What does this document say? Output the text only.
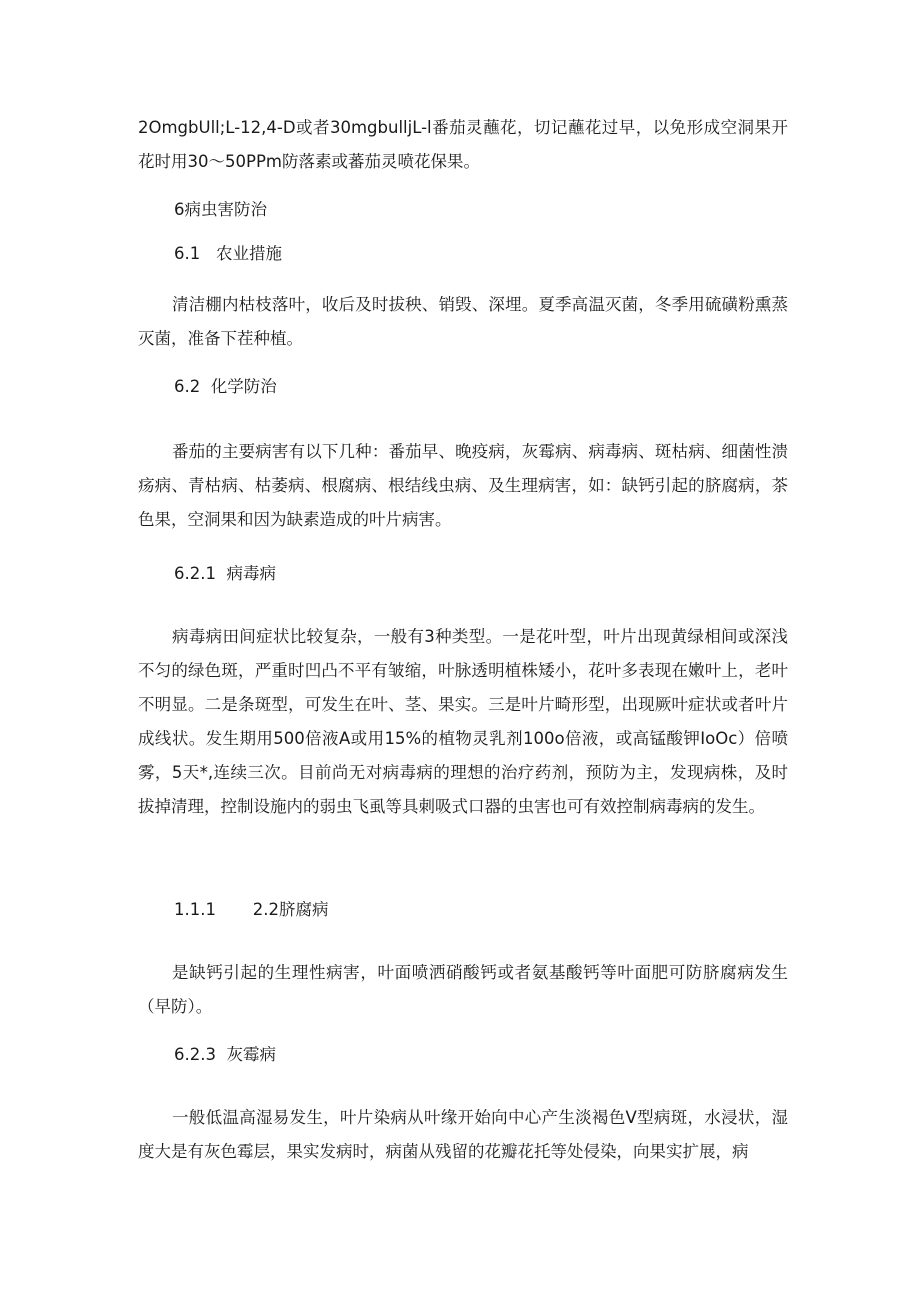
2OmgbUll;L-12,4-D或者30mgbulljL-l番茄灵蘸花，切记蘸花过早，以免形成空洞果开花时用30～50PPm防落素或蕃茄灵喷花保果。

6病虫害防治
6.1   农业措施

清洁棚内枯枝落叶，收后及时拔秧、销毁、深埋。夏季高温灭菌，冬季用硫磺粉熏蒸灭菌，准备下茬种植。

6.2  化学防治

番茄的主要病害有以下几种：番茄早、晚疫病，灰霉病、病毒病、斑枯病、细菌性溃疡病、青枯病、枯萎病、根腐病、根结线虫病、及生理病害，如：缺钙引起的脐腐病，茶色果，空洞果和因为缺素造成的叶片病害。

6.2.1  病毒病

病毒病田间症状比较复杂，一般有3种类型。一是花叶型，叶片出现黄绿相间或深浅不匀的绿色斑，严重时凹凸不平有皱缩，叶脉透明植株矮小，花叶多表现在嫩叶上，老叶不明显。二是条斑型，可发生在叶、茎、果实。三是叶片畸形型，出现厥叶症状或者叶片成线状。发生期用500倍液A或用15%的植物灵乳剂100o倍液，或高锰酸钾IoOc）倍喷雾，5天*,连续三次。目前尚无对病毒病的理想的治疗药剂，预防为主，发现病株，及时拔掉清理，控制设施内的弱虫飞虱等具刺吸式口器的虫害也可有效控制病毒病的发生。

1.1.1       2.2脐腐病

是缺钙引起的生理性病害，叶面喷洒硝酸钙或者氨基酸钙等叶面肥可防脐腐病发生（早防）。

6.2.3  灰霉病

一般低温高湿易发生，叶片染病从叶缘开始向中心产生淡褐色V型病斑，水浸状，湿度大是有灰色霉层，果实发病时，病菌从残留的花瓣花托等处侵染，向果实扩展，病
